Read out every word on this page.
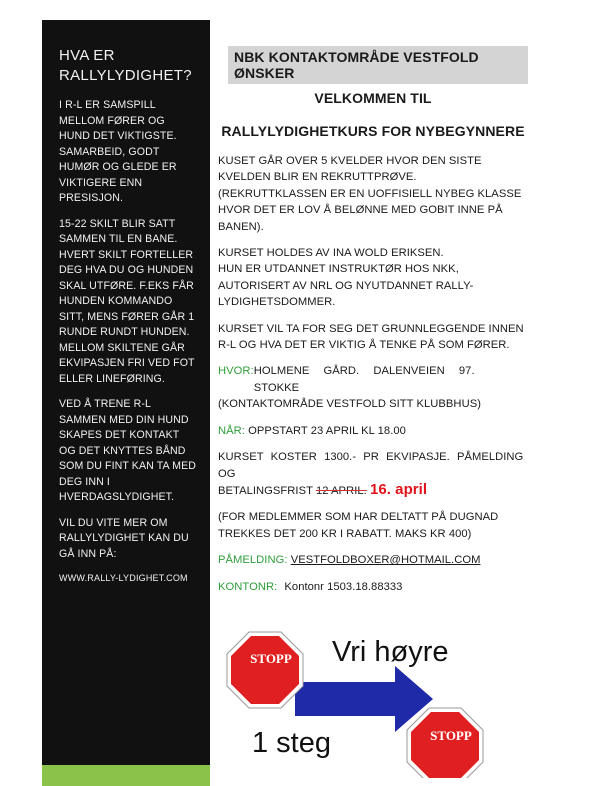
HVA ER
RALLYLYDIGHET?

I R-L ER SAMSPILL MELLOM FØRER OG HUND DET VIKTIGSTE. SAMARBEID, GODT HUMØR OG GLEDE ER VIKTIGERE ENN PRESISJON.

15-22 SKILT BLIR SATT SAMMEN TIL EN BANE. HVERT SKILT FORTELLER DEG HVA DU OG HUNDEN SKAL UTFØRE. F.EKS FÅR HUNDEN KOMMANDO SITT, MENS FØRER GÅR 1 RUNDE RUNDT HUNDEN. MELLOM SKILTENE GÅR EKVIPASJEN FRI VED FOT ELLER LINEFØRING.

VED Å TRENE R-L SAMMEN MED DIN HUND SKAPES DET KONTAKT OG DET KNYTTES BÅND SOM DU FINT KAN TA MED DEG INN I HVERDAGSLYDIGHET.

VIL DU VITE MER OM RALLYLYDIGHET KAN DU GÅ INN PÅ:

WWW.RALLY-LYDIGHET.COM
NBK KONTAKTOMRÅDE VESTFOLD ØNSKER
VELKOMMEN TIL
RALLYLYDIGHETKURS FOR NYBEGYNNERE

KUSET GÅR OVER 5 KVELDER HVOR DEN SISTE KVELDEN BLIR EN REKRUTTPRØVE.

(REKRUTTKLASSEN ER EN UOFFISIELL NYBEG KLASSE HVOR DET ER LOV Å BELØNNE MED GOBIT INNE PÅ BANEN).

KURSET HOLDES AV INA WOLD ERIKSEN.

HUN ER UTDANNET INSTRUKTØR HOS NKK, AUTORISERT AV NRL OG NYUTDANNET RALLY-LYDIGHETSDOMMER.

KURSET VIL TA FOR SEG DET GRUNNLEGGENDE INNEN R-L OG HVA DET ER VIKTIG Å TENKE PÅ SOM FØRER.

HVOR: HOLMENE GÅRD. DALENVEIEN 97. STOKKE

(KONTAKTOMRÅDE VESTFOLD SITT KLUBBHUS)

NÅR: OPPSTART 23 APRIL KL 18.00

KURSET KOSTER 1300.- PR EKVIPASJE. PÅMELDING OG

BETALINGSFRIST 12 APRIL. 16. april

(FOR MEDLEMMER SOM HAR DELTATT PÅ DUGNAD TREKKES DET 200 KR I RABATT. MAKS KR 400)

PÅMELDING: VESTFOLDBOXER@HOTMAIL.COM

KONTONR: Kontonr 1503.18.88333

STOPP
STOPP
Vri høyre
1 steg
